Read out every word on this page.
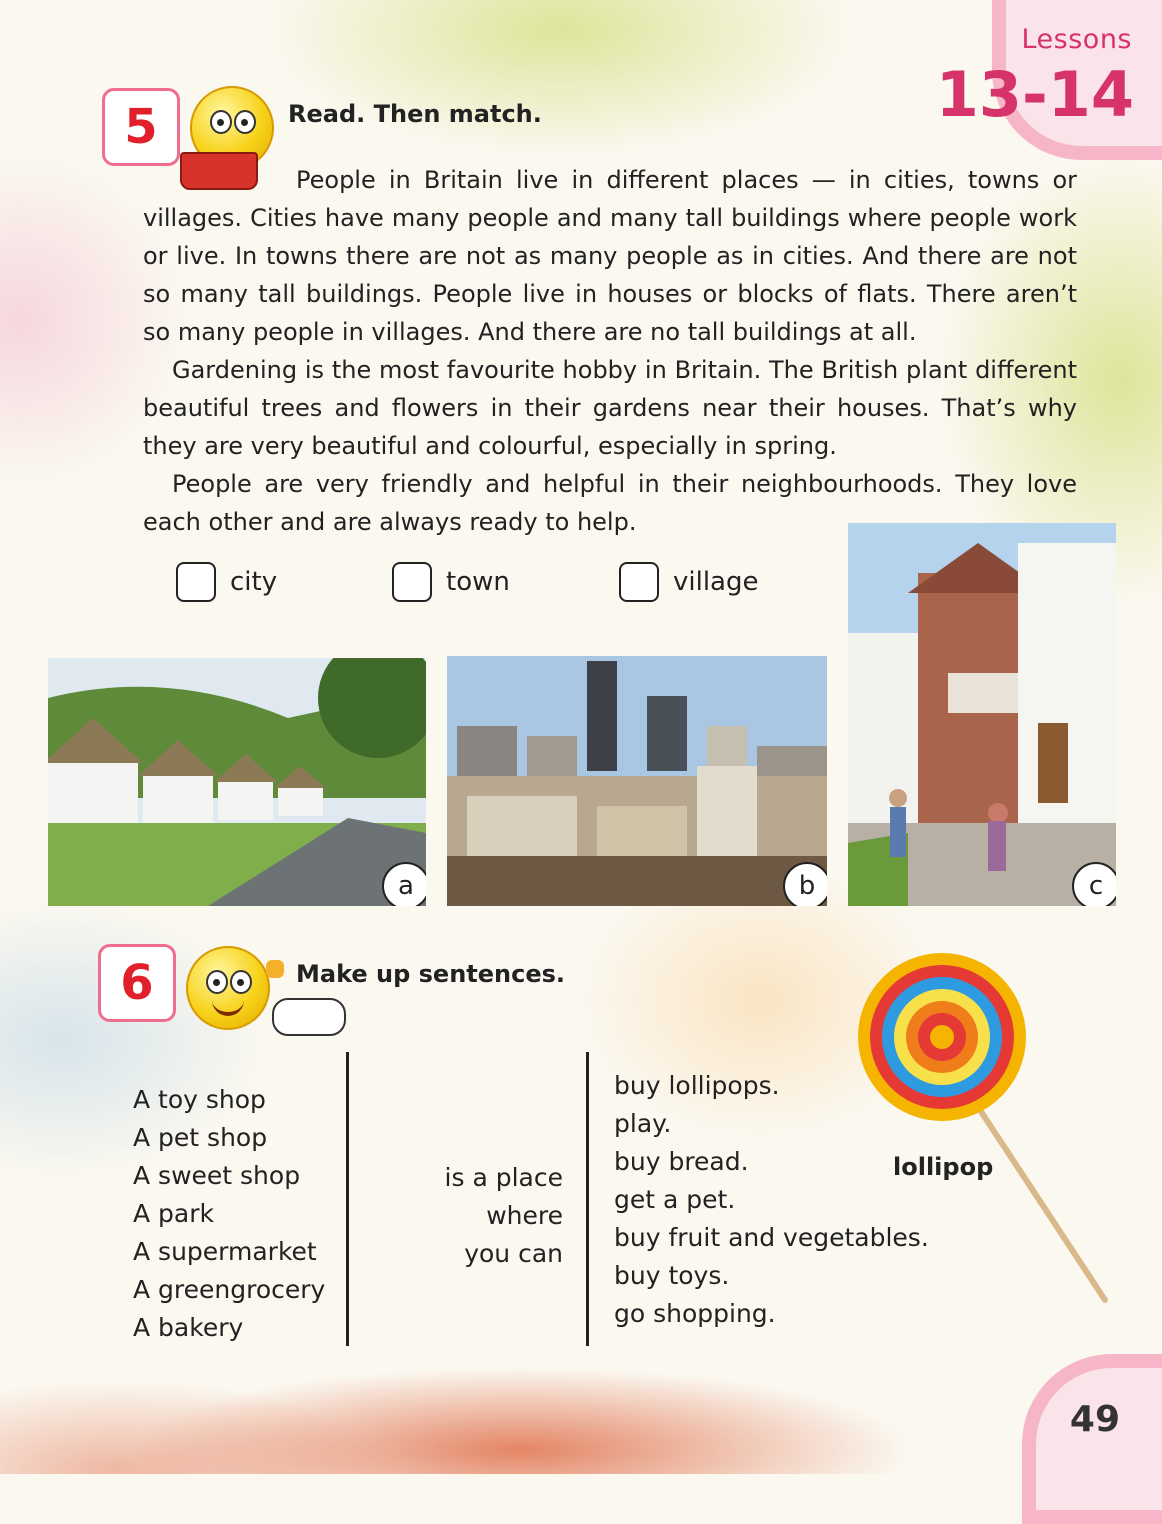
Lessons
13-14
5	Read. Then match.

People in Britain live in different places — in cities, towns or villages. Cities have many people and many tall buildings where people work or live. In towns there are not as many people as in cities. And there are not so many tall buildings. People live in houses or blocks of flats. There aren’t so many people in villages. And there are no tall buildings at all.

Gardening is the most favourite hobby in Britain. The British plant different beautiful trees and flowers in their gardens near their houses. That’s why they are very beautiful and colourful, especially in spring.

People are very friendly and helpful in their neighbourhoods. They love each other and are always ready to help.

city	town	village
a	b	c
6	Make up sentences.
A toy shop
A pet shop
A sweet shop
A park
A supermarket
A greengrocery
A bakery
is a place where
you can
buy lollipops.
play.
buy bread.
get a pet.
buy fruit and vegetables.
buy toys.
go shopping.
lollipop
49
